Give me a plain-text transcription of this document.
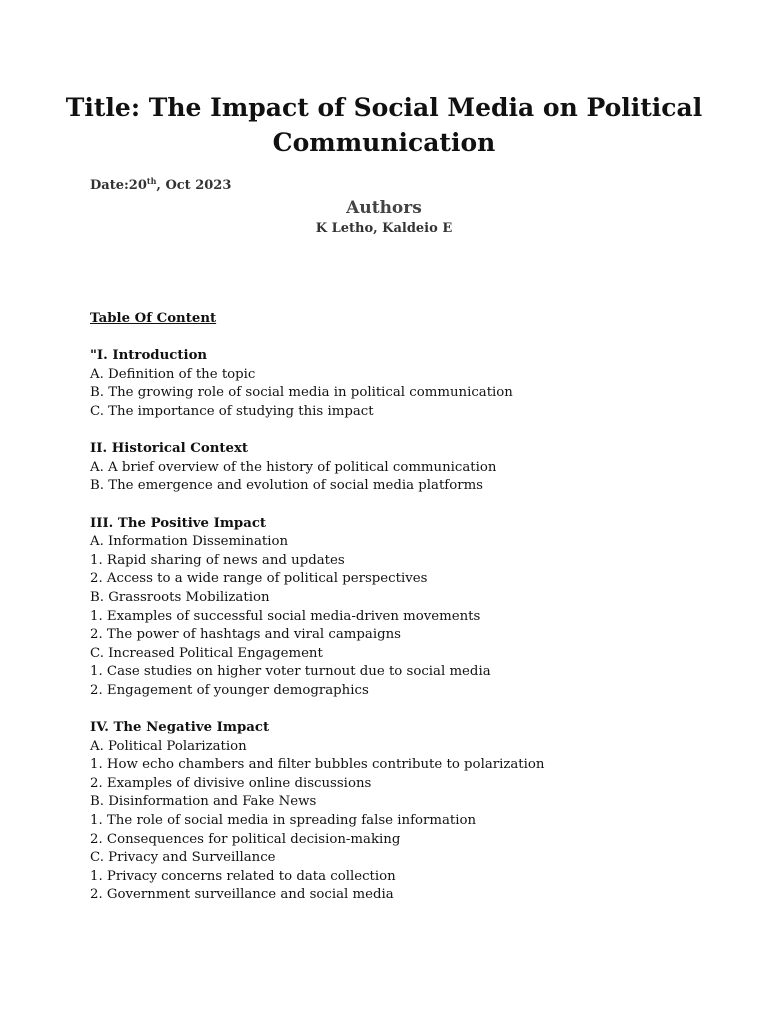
Title: The Impact of Social Media on Political Communication
Date:20th, Oct 2023
Authors
K Letho, Kaldeio E
Table Of Content
"I. Introduction
A. Definition of the topic
B. The growing role of social media in political communication
C. The importance of studying this impact
II. Historical Context
A. A brief overview of the history of political communication
B. The emergence and evolution of social media platforms
III. The Positive Impact
A. Information Dissemination
1. Rapid sharing of news and updates
2. Access to a wide range of political perspectives
B. Grassroots Mobilization
1. Examples of successful social media-driven movements
2. The power of hashtags and viral campaigns
C. Increased Political Engagement
1. Case studies on higher voter turnout due to social media
2. Engagement of younger demographics
IV. The Negative Impact
A. Political Polarization
1. How echo chambers and filter bubbles contribute to polarization
2. Examples of divisive online discussions
B. Disinformation and Fake News
1. The role of social media in spreading false information
2. Consequences for political decision-making
C. Privacy and Surveillance
1. Privacy concerns related to data collection
2. Government surveillance and social media
